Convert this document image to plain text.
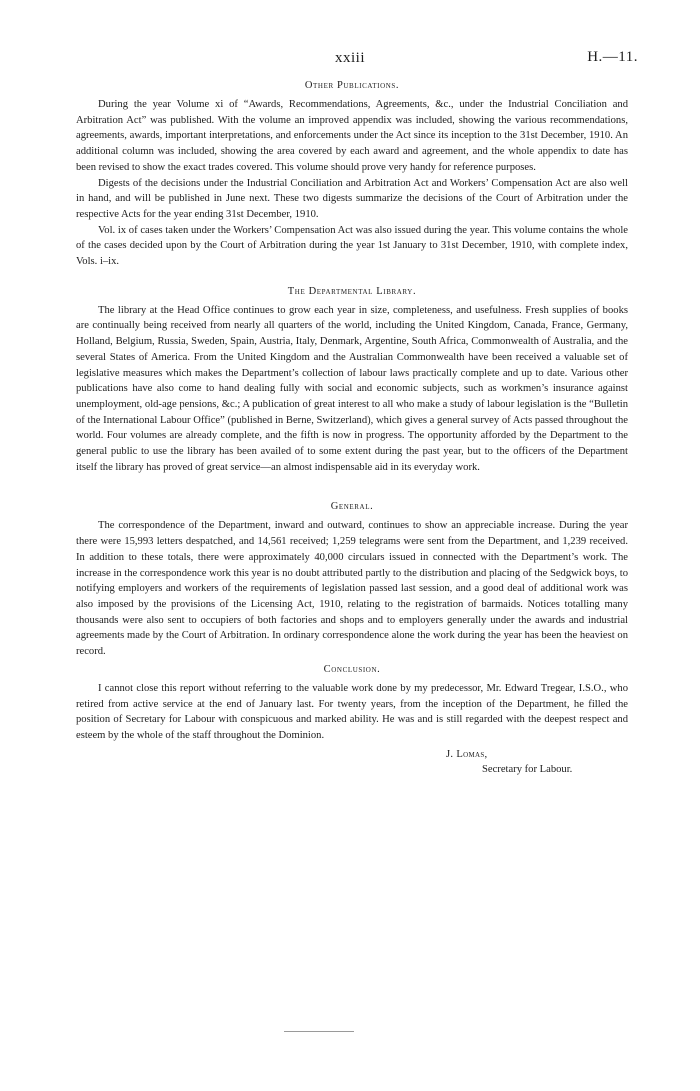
xxiii	H.—11.
Other Publications.

During the year Volume xi of “Awards, Recommendations, Agreements, &c., under the Industrial Conciliation and Arbitration Act” was published. With the volume an improved appendix was included, showing the various recommendations, agreements, awards, important interpretations, and enforcements under the Act since its inception to the 31st December, 1910. An additional column was included, showing the area covered by each award and agreement, and the whole appendix to date has been revised to show the exact trades covered. This volume should prove very handy for reference purposes.

Digests of the decisions under the Industrial Conciliation and Arbitration Act and Workers’ Compensation Act are also well in hand, and will be published in June next. These two digests summarize the decisions of the Court of Arbitration under the respective Acts for the year ending 31st December, 1910.

Vol. ix of cases taken under the Workers’ Compensation Act was also issued during the year. This volume contains the whole of the cases decided upon by the Court of Arbitration during the year 1st January to 31st December, 1910, with complete index, Vols. i–ix.

The Departmental Library.

The library at the Head Office continues to grow each year in size, completeness, and usefulness. Fresh supplies of books are continually being received from nearly all quarters of the world, including the United Kingdom, Canada, France, Germany, Holland, Belgium, Russia, Sweden, Spain, Austria, Italy, Denmark, Argentine, South Africa, Commonwealth of Australia, and the several States of America. From the United Kingdom and the Australian Commonwealth have been received a valuable set of legislative measures which makes the Department’s collection of labour laws practically complete and up to date. Various other publications have also come to hand dealing fully with social and economic subjects, such as workmen’s insurance against unemployment, old-age pensions, &c.; A publication of great interest to all who make a study of labour legislation is the “Bulletin of the International Labour Office” (published in Berne, Switzerland), which gives a general survey of Acts passed throughout the world. Four volumes are already complete, and the fifth is now in progress. The opportunity afforded by the Department to the general public to use the library has been availed of to some extent during the past year, but to the officers of the Department itself the library has proved of great service—an almost indispensable aid in its everyday work.

General.

The correspondence of the Department, inward and outward, continues to show an appreciable increase. During the year there were 15,993 letters despatched, and 14,561 received; 1,259 telegrams were sent from the Department, and 1,239 received. In addition to these totals, there were approximately 40,000 circulars issued in connected with the Department’s work. The increase in the correspondence work this year is no doubt attributed partly to the distribution and placing of the Sedgwick boys, to notifying employers and workers of the requirements of legislation passed last session, and a good deal of additional work was also imposed by the provisions of the Licensing Act, 1910, relating to the registration of barmaids. Notices totalling many thousands were also sent to occupiers of both factories and shops and to employers generally under the awards and industrial agreements made by the Court of Arbitration. In ordinary correspondence alone the work during the year has been the heaviest on record.

Conclusion.

I cannot close this report without referring to the valuable work done by my predecessor, Mr. Edward Tregear, I.S.O., who retired from active service at the end of January last. For twenty years, from the inception of the Department, he filled the position of Secretary for Labour with conspicuous and marked ability. He was and is still regarded with the deepest respect and esteem by the whole of the staff throughout the Dominion.

J. Lomas,
Secretary for Labour.
